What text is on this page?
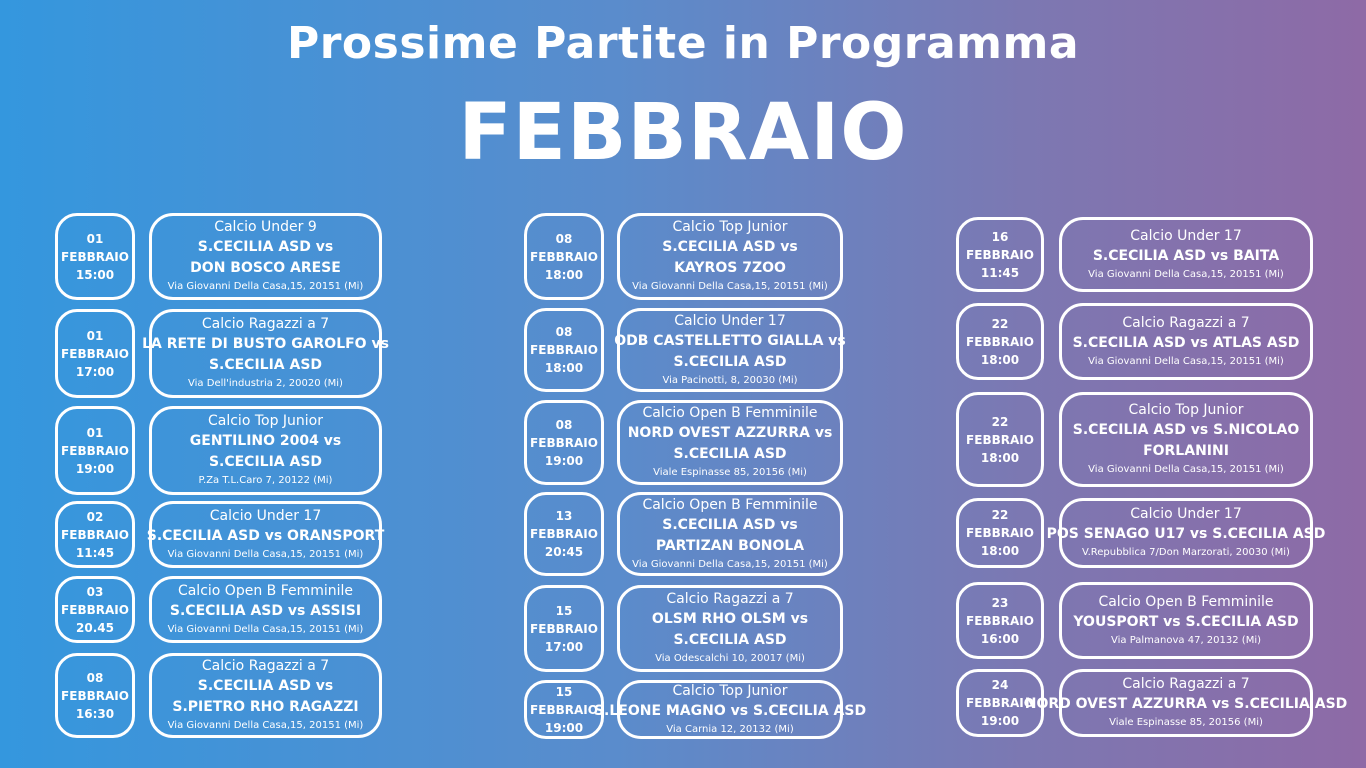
Prossime Partite in Programma
FEBBRAIO
01
FEBBRAIO
15:00
Calcio Under 9
S.CECILIA ASD vs
DON BOSCO ARESE
Via Giovanni Della Casa,15, 20151 (Mi)
01
FEBBRAIO
17:00
Calcio Ragazzi a 7
LA RETE DI BUSTO GAROLFO vs
S.CECILIA ASD
Via Dell'industria 2, 20020 (Mi)
01
FEBBRAIO
19:00
Calcio Top Junior
GENTILINO 2004 vs
S.CECILIA ASD
P.Za T.L.Caro 7, 20122 (Mi)
02
FEBBRAIO
11:45
Calcio Under 17
S.CECILIA ASD vs ORANSPORT
Via Giovanni Della Casa,15, 20151 (Mi)
03
FEBBRAIO
20.45
Calcio Open B Femminile
S.CECILIA ASD vs ASSISI
Via Giovanni Della Casa,15, 20151 (Mi)
08
FEBBRAIO
16:30
Calcio Ragazzi a 7
S.CECILIA ASD vs
S.PIETRO RHO RAGAZZI
Via Giovanni Della Casa,15, 20151 (Mi)
08
FEBBRAIO
18:00
Calcio Top Junior
S.CECILIA ASD vs
KAYROS 7ZOO
Via Giovanni Della Casa,15, 20151 (Mi)
08
FEBBRAIO
18:00
Calcio Under 17
ODB CASTELLETTO GIALLA vs
S.CECILIA ASD
Via Pacinotti, 8, 20030 (Mi)
08
FEBBRAIO
19:00
Calcio Open B Femminile
NORD OVEST AZZURRA vs
S.CECILIA ASD
Viale Espinasse 85, 20156 (Mi)
13
FEBBRAIO
20:45
Calcio Open B Femminile
S.CECILIA ASD vs
PARTIZAN BONOLA
Via Giovanni Della Casa,15, 20151 (Mi)
15
FEBBRAIO
17:00
Calcio Ragazzi a 7
OLSM RHO OLSM vs
S.CECILIA ASD
Via Odescalchi 10, 20017 (Mi)
15
FEBBRAIO
19:00
Calcio Top Junior
S.LEONE MAGNO vs S.CECILIA ASD
Via Carnia 12, 20132 (Mi)
16
FEBBRAIO
11:45
Calcio Under 17
S.CECILIA ASD vs BAITA
Via Giovanni Della Casa,15, 20151 (Mi)
22
FEBBRAIO
18:00
Calcio Ragazzi a 7
S.CECILIA ASD vs ATLAS ASD
Via Giovanni Della Casa,15, 20151 (Mi)
22
FEBBRAIO
18:00
Calcio Top Junior
S.CECILIA ASD vs S.NICOLAO
FORLANINI
Via Giovanni Della Casa,15, 20151 (Mi)
22
FEBBRAIO
18:00
Calcio Under 17
POS SENAGO U17 vs S.CECILIA ASD
V.Repubblica 7/Don Marzorati, 20030 (Mi)
23
FEBBRAIO
16:00
Calcio Open B Femminile
YOUSPORT vs S.CECILIA ASD
Via Palmanova 47, 20132 (Mi)
24
FEBBRAIO
19:00
Calcio Ragazzi a 7
NORD OVEST AZZURRA vs S.CECILIA ASD
Viale Espinasse 85, 20156 (Mi)
